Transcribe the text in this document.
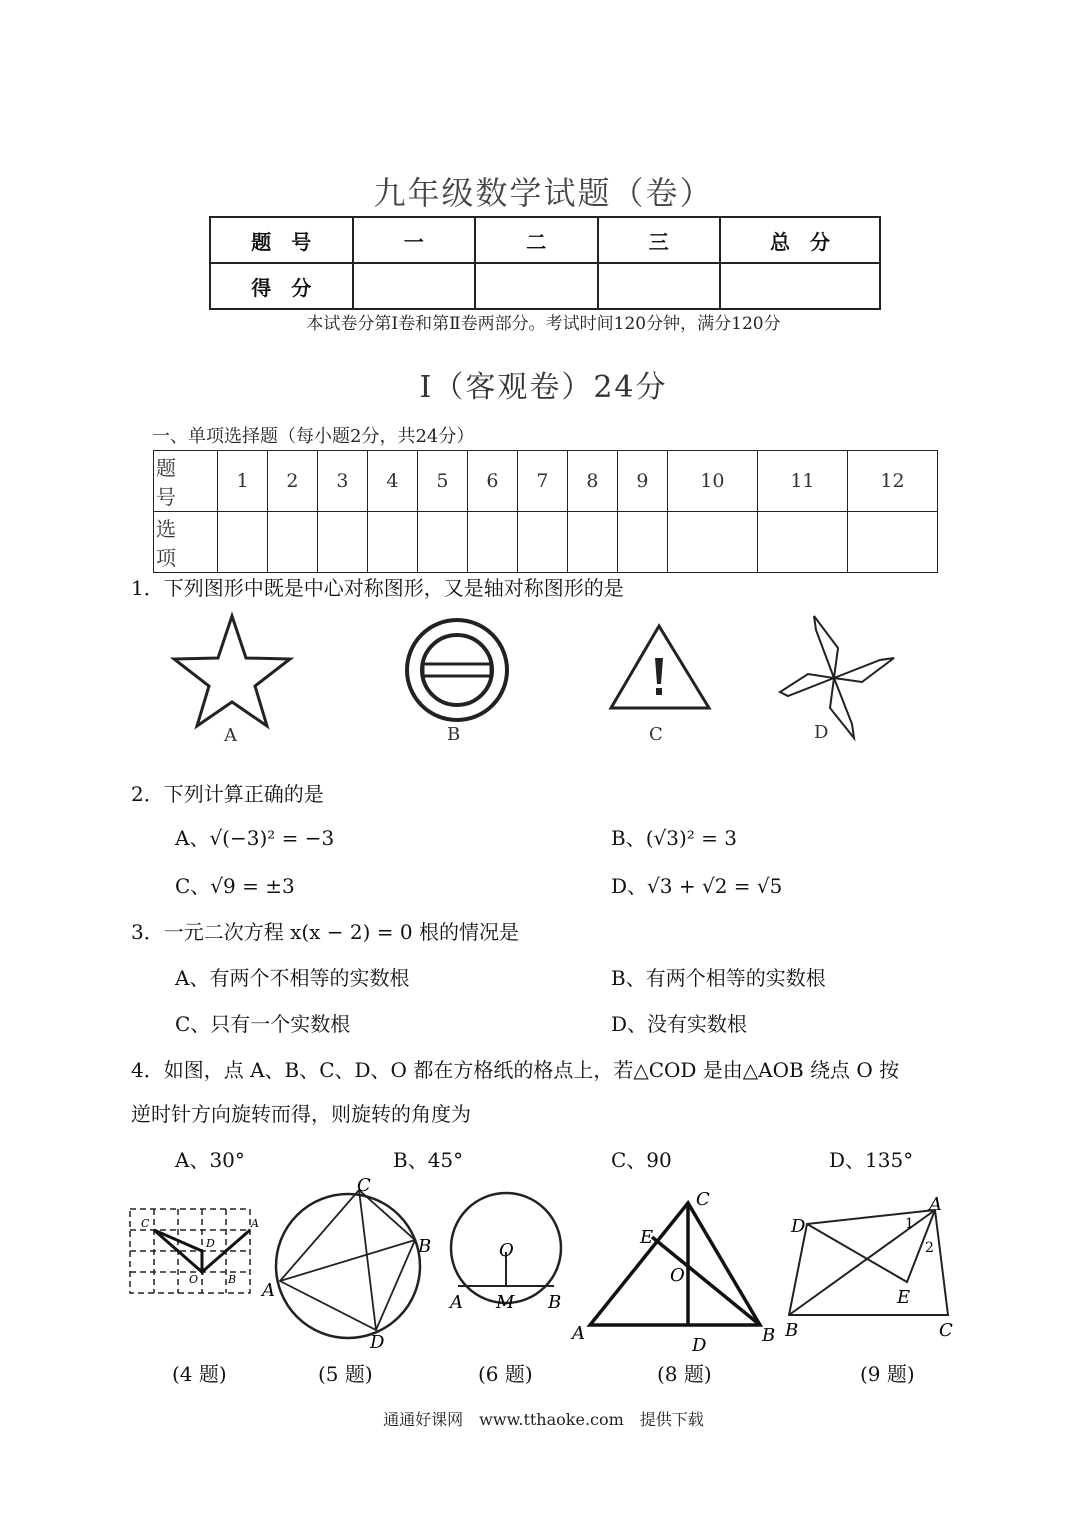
九年级数学试题（卷）
题　号	一	二	三	总　分
得　分				
本试卷分第Ⅰ卷和第Ⅱ卷两部分。考试时间120分钟，满分120分
Ⅰ（客观卷）24分
一、单项选择题（每小题2分，共24分）
题号	1	2	3	4	5	6	7	8	9	10	11	12
选项												
1．下列图形中既是中心对称图形，又是轴对称图形的是
A	B	C	D
2．下列计算正确的是
A、√(−3)² = −3	B、(√3)² = 3
C、√9 = ±3	D、√3 + √2 = √5
3．一元二次方程 x(x − 2) = 0 根的情况是
A、有两个不相等的实数根	B、有两个相等的实数根
C、只有一个实数根	D、没有实数根
4．如图，点 A、B、C、D、O 都在方格纸的格点上，若△COD 是由△AOB 绕点 O 按
逆时针方向旋转而得，则旋转的角度为
A、30°	B、45°	C、90	D、135°
C
D
A
O	B
C
B
A
D
O
A M B
C
E
O
A
D	B
D
A
1
2
E
B	C
(4 题)	(5 题)	(6 题)	(8 题)	(9 题)
通通好课网　www.tthaoke.com　提供下载
